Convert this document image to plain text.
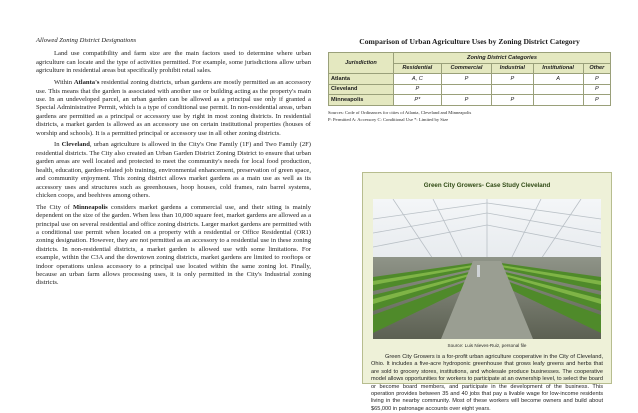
Allowed Zoning District Designations

Land use compatibility and farm size are the main factors used to determine where urban agriculture can locate and the type of activities permitted. For example, some jurisdictions allow urban agriculture in residential areas but specifically prohibit retail sales.

Within Atlanta's residential zoning districts, urban gardens are mostly permitted as an accessory use. This means that the garden is associated with another use or building acting as the property's main use. In an undeveloped parcel, an urban garden can be allowed as a principal use only if granted a Special Administrative Permit, which is a type of conditional use permit. In non-residential areas, urban gardens are permitted as a principal or accessory use by right in most zoning districts. In residential districts, a market garden is allowed as an accessory use on certain institutional properties (houses of worship and schools). It is a permitted principal or accessory use in all other zoning districts.

In Cleveland, urban agriculture is allowed in the City's One Family (1F) and Two Family (2F) residential districts. The City also created an Urban Garden District Zoning District to ensure that urban garden areas are well located and protected to meet the community's needs for local food production, health, education, garden-related job training, environmental enhancement, preservation of green space, and community enjoyment. This zoning district allows market gardens as a main use as well as its accessory uses and structures such as greenhouses, hoop houses, cold frames, rain barrel systems, chicken coops, and beehives among others.

The City of Minneapolis considers market gardens a commercial use, and their siting is mainly dependent on the size of the garden. When less than 10,000 square feet, market gardens are allowed as a principal use on several residential and office zoning districts. Larger market gardens are permitted with a conditional use permit when located on a property with a residential or Office Residential (OR1) zoning designation. However, they are not permitted as an accessory to a residential use in these zoning districts. In non-residential districts, a market garden is allowed use with some limitations. For example, within the C3A and the downtown zoning districts, market gardens are limited to rooftops or indoor operations unless accessory to a principal use located within the same zoning lot. Finally, because an urban farm allows processing uses, it is only permitted in the City's Industrial zoning districts.

Comparison of Urban Agriculture Uses by Zoning District Category
Jurisdiction	Zoning District Categories				
	Residential	Commercial	Industrial	Institutional	Other
Atlanta	A, C	P	P	A	P
Cleveland	P				P
Minneapolis	P*	P	P		P
Sources: Code of Ordinances for cities of Atlanta, Cleveland and Minneapolis
P: Permitted A: Accessory C: Conditional Use *: Limited by Size
Green City Growers- Case Study Cleveland
Source: Luis Nieves-Ruiz, personal file
Green City Growers is a for-profit urban agriculture cooperative in the City of Cleveland, Ohio. It includes a five-acre hydroponic greenhouse that grows leafy greens and herbs that are sold to grocery stores, institutions, and wholesale produce businesses. The cooperative model allows opportunities for workers to participate at an ownership level, to select the board or become board members, and participate in the development of the business. This operation provides between 35 and 40 jobs that pay a livable wage for low-income residents living in the nearby community. Most of these workers will become owners and build about $65,000 in patronage accounts over eight years.
